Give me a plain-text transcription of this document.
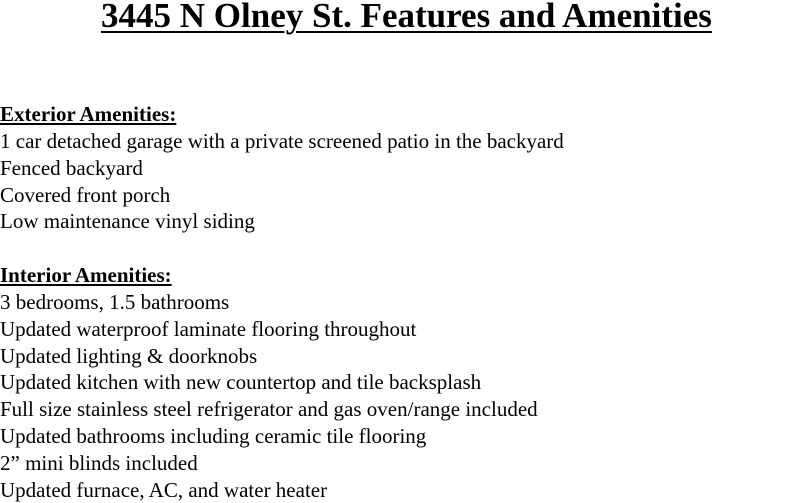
3445 N Olney St. Features and Amenities
Exterior Amenities:
1 car detached garage with a private screened patio in the backyard
Fenced backyard
Covered front porch
Low maintenance vinyl siding
Interior Amenities:
3 bedrooms, 1.5 bathrooms
Updated waterproof laminate flooring throughout
Updated lighting & doorknobs
Updated kitchen with new countertop and tile backsplash
Full size stainless steel refrigerator and gas oven/range included
Updated bathrooms including ceramic tile flooring
2” mini blinds included
Updated furnace, AC, and water heater
